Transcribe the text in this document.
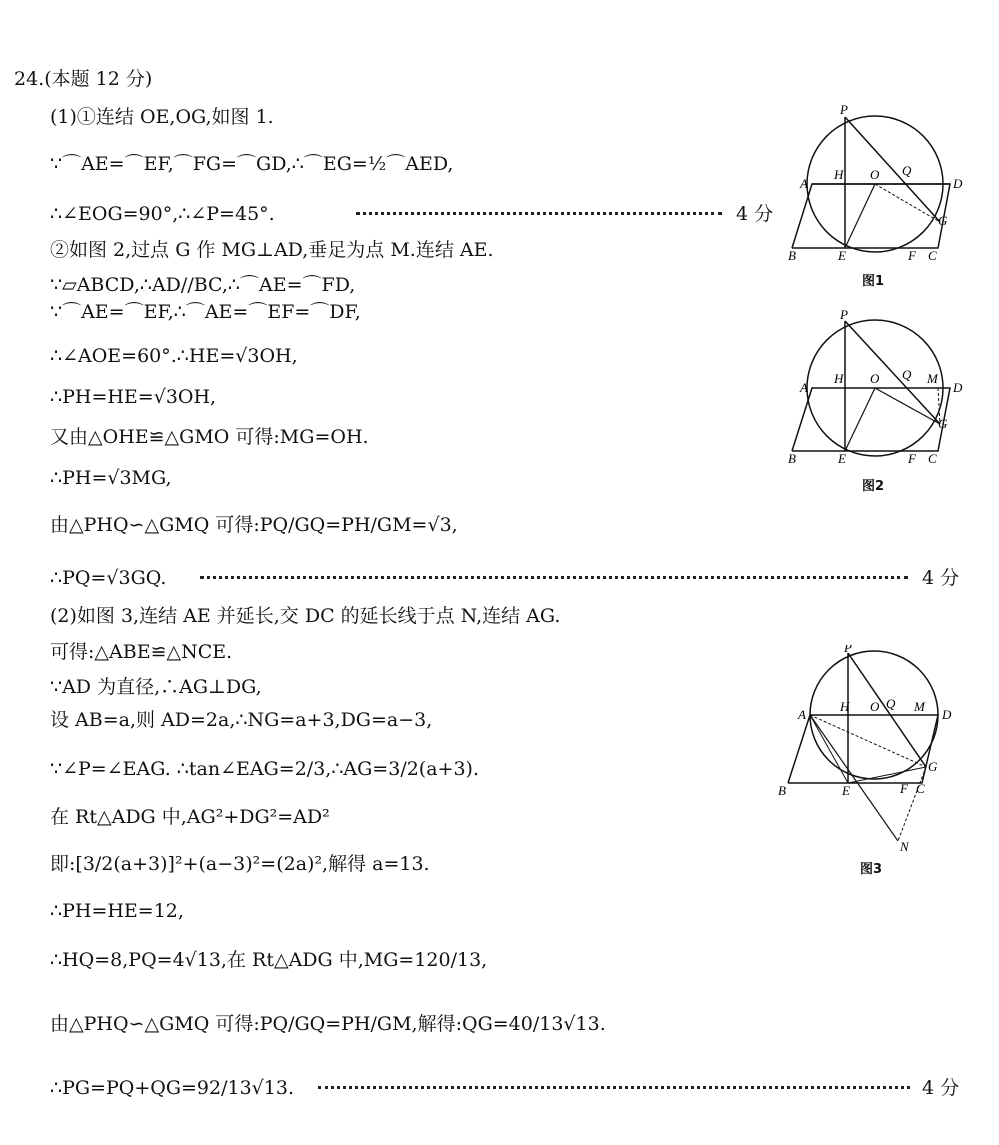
24.(本题 12 分)
(1)①连结 OE,OG,如图 1.
∵⌒AE=⌒EF,⌒FG=⌒GD,∴⌒EG=½⌒AED,
∴∠EOG=90°,∴∠P=45°.	4 分
②如图 2,过点 G 作 MG⊥AD,垂足为点 M.连结 AE.
∵▱ABCD,∴AD//BC,∴⌒AE=⌒FD,
∵⌒AE=⌒EF,∴⌒AE=⌒EF=⌒DF,
∴∠AOE=60°.∴HE=√3OH,
∴PH=HE=√3OH,
又由△OHE≌△GMO 可得:MG=OH.
∴PH=√3MG,
由△PHQ∽△GMQ 可得:PQ/GQ=PH/GM=√3,
∴PQ=√3GQ.	4 分
(2)如图 3,连结 AE 并延长,交 DC 的延长线于点 N,连结 AG.
可得:△ABE≌△NCE.
∵AD 为直径,∴AG⊥DG,
设 AB=a,则 AD=2a,∴NG=a+3,DG=a−3,
∵∠P=∠EAG. ∴tan∠EAG=2/3,∴AG=3/2(a+3).
在 Rt△ADG 中,AG²+DG²=AD²
即:[3/2(a+3)]²+(a−3)²=(2a)²,解得 a=13.
∴PH=HE=12,
∴HQ=8,PQ=4√13,在 Rt△ADG 中,MG=120/13,
由△PHQ∽△GMQ 可得:PQ/GQ=PH/GM,解得:QG=40/13√13.
∴PG=PQ+QG=92/13√13.	4 分
P
H O Q
A	D
G
B	E	F C
图1
P
H O Q M
A	D
G
B	E	F C
图2
P
H O Q M
A	D
G
B	E	F C
N
图3
